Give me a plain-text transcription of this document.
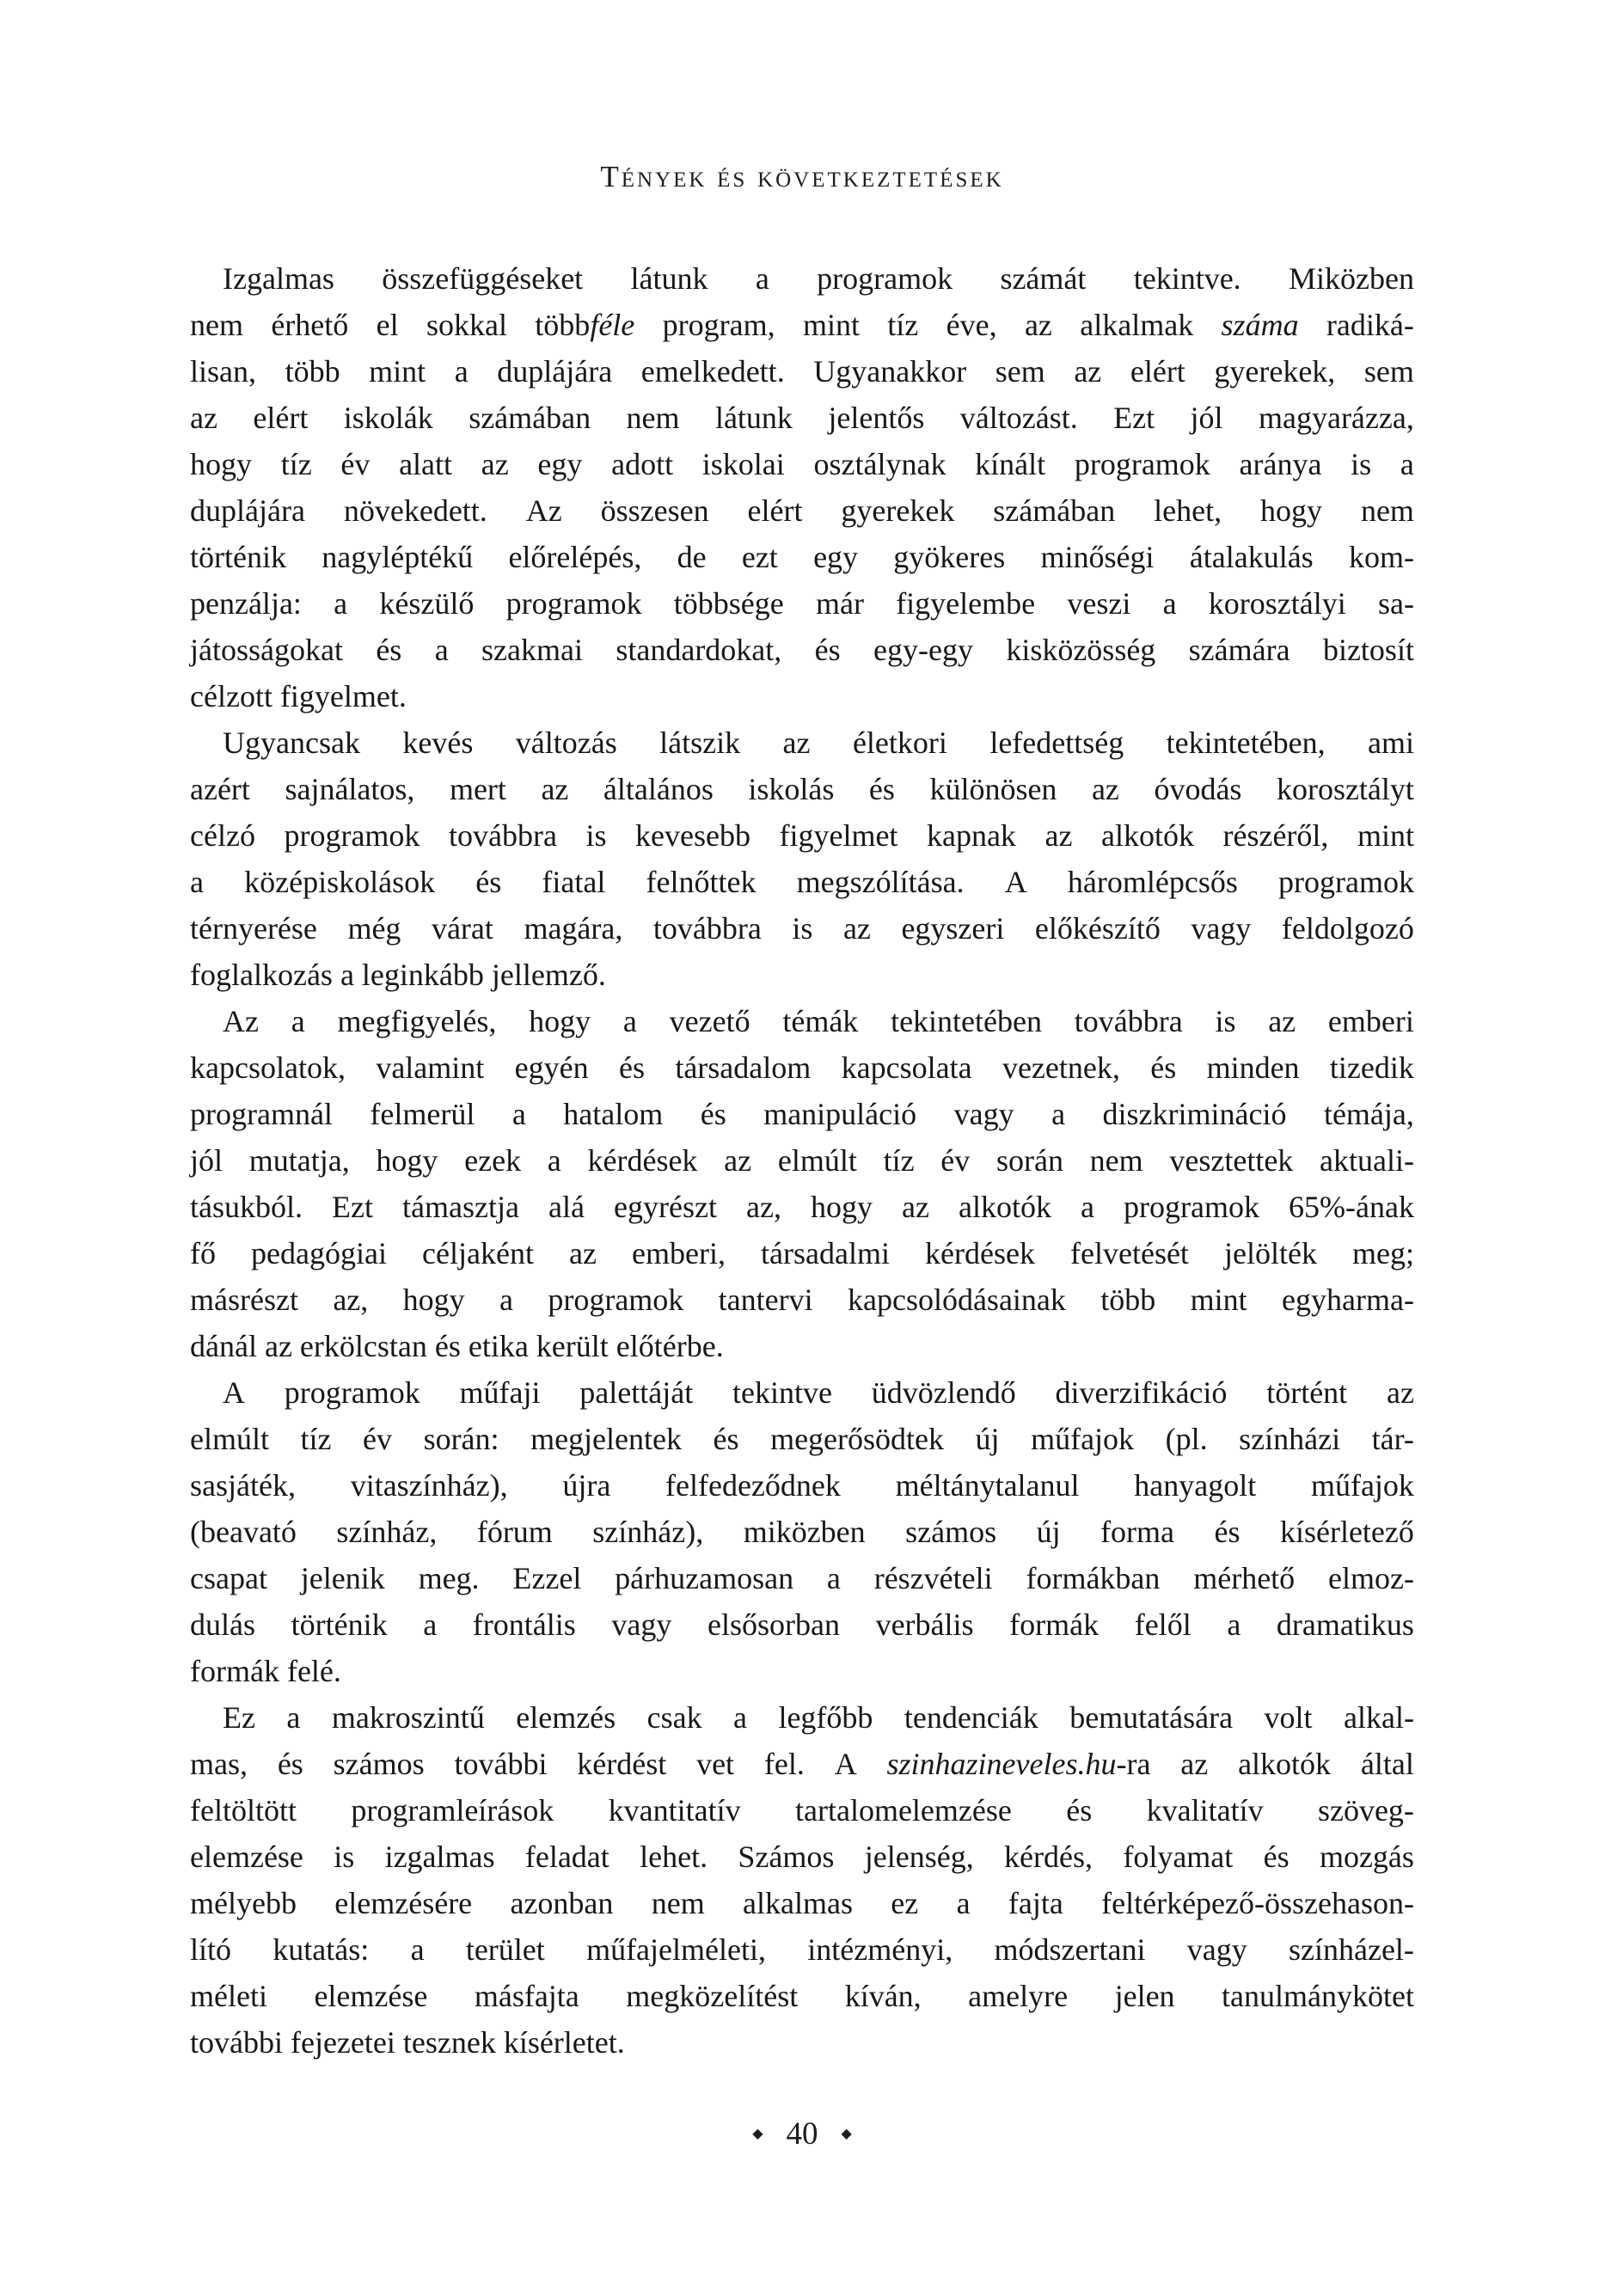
Tények és következtetések
Izgalmas összefüggéseket látunk a programok számát tekintve. Miközben
nem érhető el sokkal többféle program, mint tíz éve, az alkalmak száma radiká-
lisan, több mint a duplájára emelkedett. Ugyanakkor sem az elért gyerekek, sem
az elért iskolák számában nem látunk jelentős változást. Ezt jól magyarázza,
hogy tíz év alatt az egy adott iskolai osztálynak kínált programok aránya is a
duplájára növekedett. Az összesen elért gyerekek számában lehet, hogy nem
történik nagyléptékű előrelépés, de ezt egy gyökeres minőségi átalakulás kom-
penzálja: a készülő programok többsége már figyelembe veszi a korosztályi sa-
játosságokat és a szakmai standardokat, és egy-egy kisközösség számára biztosít
célzott figyelmet.
Ugyancsak kevés változás látszik az életkori lefedettség tekintetében, ami
azért sajnálatos, mert az általános iskolás és különösen az óvodás korosztályt
célzó programok továbbra is kevesebb figyelmet kapnak az alkotók részéről, mint
a középiskolások és fiatal felnőttek megszólítása. A háromlépcsős programok
térnyerése még várat magára, továbbra is az egyszeri előkészítő vagy feldolgozó
foglalkozás a leginkább jellemző.
Az a megfigyelés, hogy a vezető témák tekintetében továbbra is az emberi
kapcsolatok, valamint egyén és társadalom kapcsolata vezetnek, és minden tizedik
programnál felmerül a hatalom és manipuláció vagy a diszkrimináció témája,
jól mutatja, hogy ezek a kérdések az elmúlt tíz év során nem vesztettek aktuali-
tásukból. Ezt támasztja alá egyrészt az, hogy az alkotók a programok 65%-ának
fő pedagógiai céljaként az emberi, társadalmi kérdések felvetését jelölték meg;
másrészt az, hogy a programok tantervi kapcsolódásainak több mint egyharma-
dánál az erkölcstan és etika került előtérbe.
A programok műfaji palettáját tekintve üdvözlendő diverzifikáció történt az
elmúlt tíz év során: megjelentek és megerősödtek új műfajok (pl. színházi tár-
sasjáték, vitaszínház), újra felfedeződnek méltánytalanul hanyagolt műfajok
(beavató színház, fórum színház), miközben számos új forma és kísérletező
csapat jelenik meg. Ezzel párhuzamosan a részvételi formákban mérhető elmoz-
dulás történik a frontális vagy elsősorban verbális formák felől a dramatikus
formák felé.
Ez a makroszintű elemzés csak a legfőbb tendenciák bemutatására volt alkal-
mas, és számos további kérdést vet fel. A szinhazineveles.hu-ra az alkotók által
feltöltött programleírások kvantitatív tartalomelemzése és kvalitatív szöveg-
elemzése is izgalmas feladat lehet. Számos jelenség, kérdés, folyamat és mozgás
mélyebb elemzésére azonban nem alkalmas ez a fajta feltérképező-összehason-
lító kutatás: a terület műfajelméleti, intézményi, módszertani vagy színházel-
méleti elemzése másfajta megközelítést kíván, amelyre jelen tanulmánykötet
további fejezetei tesznek kísérletet.
◆ 40 ◆
